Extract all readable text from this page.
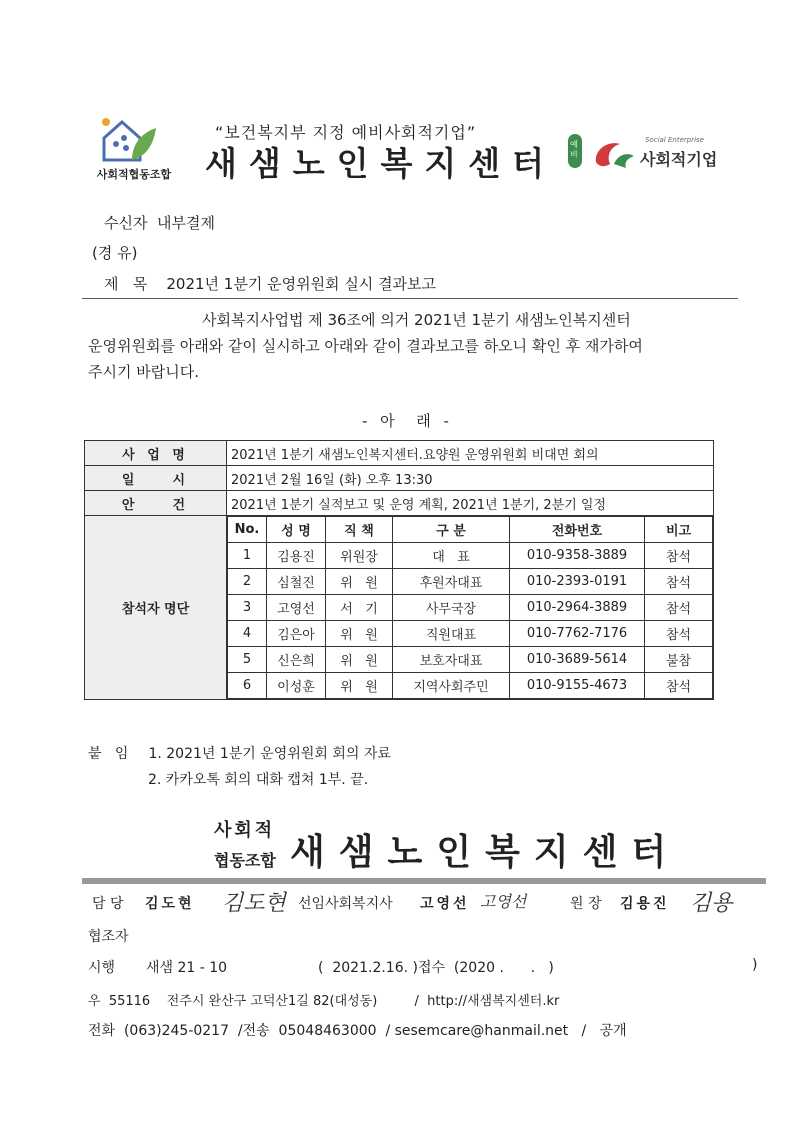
사회적협동조합
“보건복지부 지정 예비사회적기업”
새샘노인복지센터 예비
Social Enterprise
사회적기업
수신자 내부결제
(경 유)
제   목 2021년 1분기 운영위원회 실시 결과보고
사회복지사업법 제 36조에 의거 2021년 1분기 새샘노인복지센터
운영위원회를 아래와 같이 실시하고 아래와 같이 결과보고를 하오니 확인 후 재가하여
주시기 바랍니다.
- 아  래 -
사 업 명	2021년 1분기 새샘노인복지센터.요양원 운영위원회 비대면 회의
일    시	2021년 2월 16일 (화) 오후 13:30
안    건	2021년 1분기 실적보고 및 운영 계획, 2021년 1분기, 2분기 일정
참석자 명단	
No.	성 명	직 책	구 분	전화번호	비고
1	김용진	위원장	대   표	010-9358-3889	참석
2	심철진	위   원	후원자대표	010-2393-0191	참석
3	고영선	서   기	사무국장	010-2964-3889	참석
4	김은아	위   원	직원대표	010-7762-7176	참석
5	신은희	위   원	보호자대표	010-3689-5614	불참
6	이성훈	위   원	지역사회주민	010-9155-4673	참석
붙   임 1. 2021년 1분기 운영위원회 회의 자료
2. 카카오톡 회의 대화 캡쳐 1부. 끝.
사회적
협동조합 새샘노인복지센터
담 당 김도현 김도현 선임사회복지사 고영선 고영선	원 장 김용진 김용
협조자
시행 새샘 21 - 10	(  2021.2.16. )접수  (2020 .      .   )	)
우  55116    전주시 완산구 고덕산1길 82(대성동)         /  http://새샘복지센터.kr
전화  (063)245-0217  /전송  05048463000  / sesemcare@hanmail.net   /   공개
